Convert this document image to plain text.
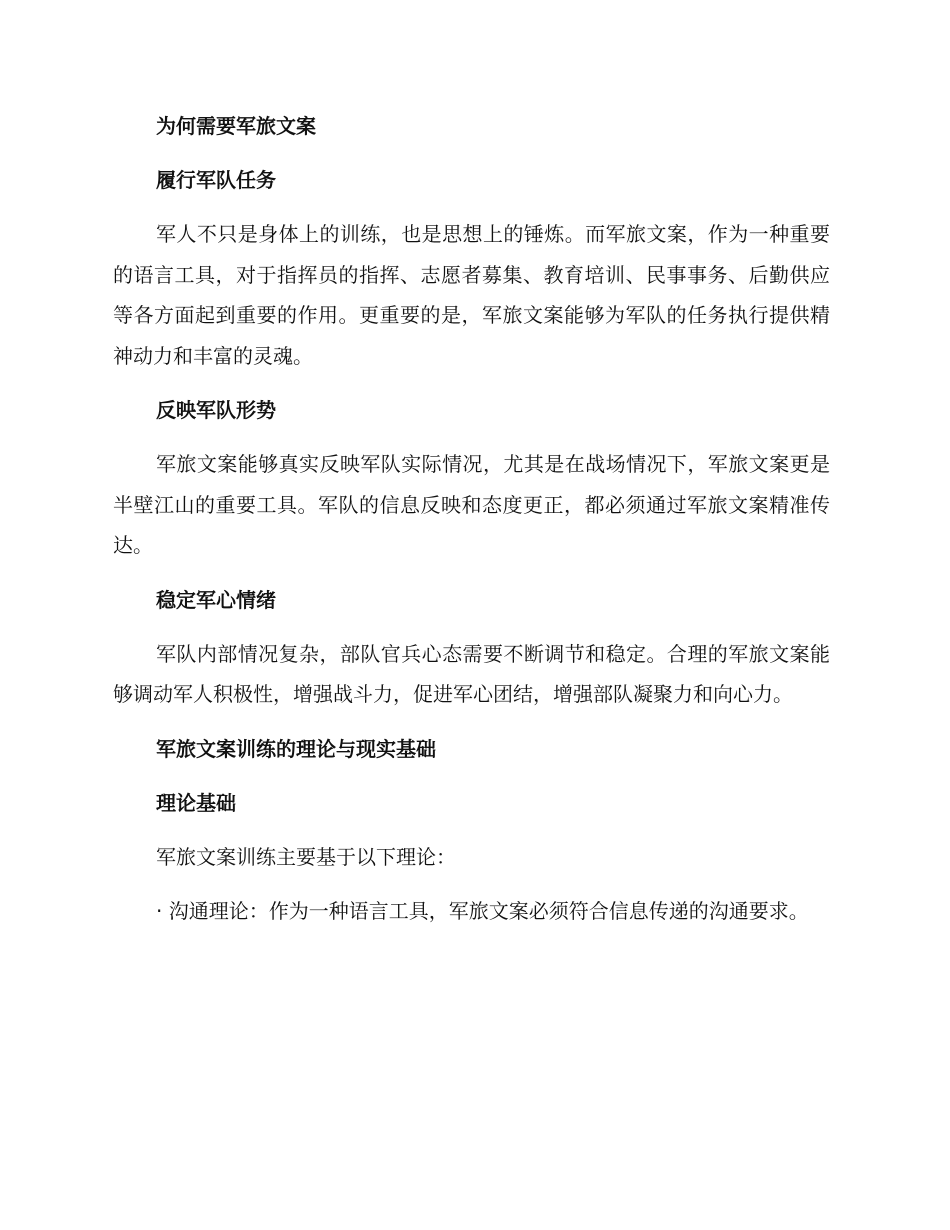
为何需要军旅文案
履行军队任务
军人不只是身体上的训练，也是思想上的锤炼。而军旅文案，作为一种重要的语言工具，对于指挥员的指挥、志愿者募集、教育培训、民事事务、后勤供应等各方面起到重要的作用。更重要的是，军旅文案能够为军队的任务执行提供精神动力和丰富的灵魂。
反映军队形势
军旅文案能够真实反映军队实际情况，尤其是在战场情况下，军旅文案更是半壁江山的重要工具。军队的信息反映和态度更正，都必须通过军旅文案精准传达。
稳定军心情绪
军队内部情况复杂，部队官兵心态需要不断调节和稳定。合理的军旅文案能够调动军人积极性，增强战斗力，促进军心团结，增强部队凝聚力和向心力。
军旅文案训练的理论与现实基础
理论基础
军旅文案训练主要基于以下理论：
· 沟通理论：作为一种语言工具，军旅文案必须符合信息传递的沟通要求。
